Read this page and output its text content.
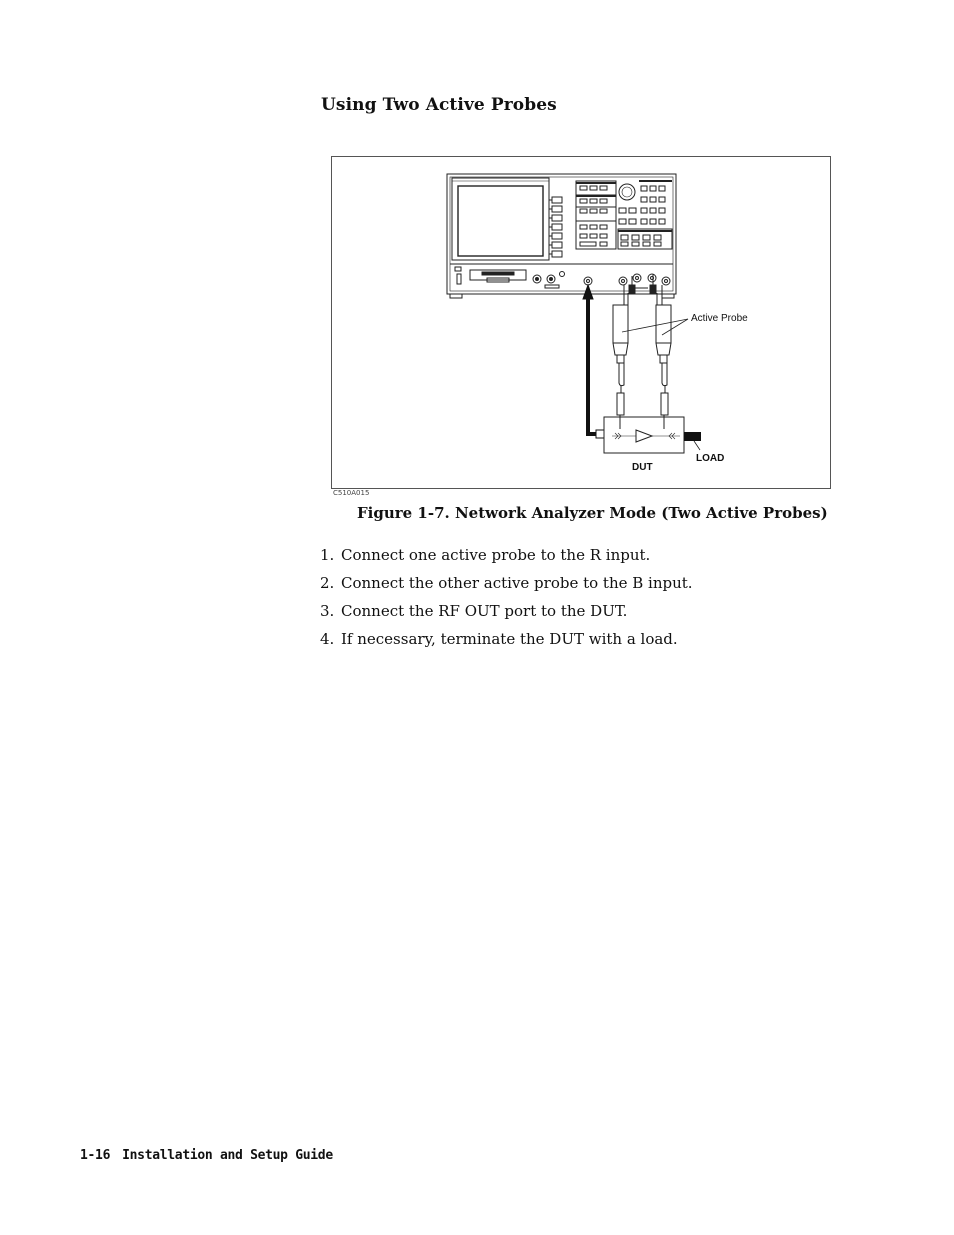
Using Two Active Probes
Active Probe
LOAD
DUT
C510A015
Figure 1-7. Network Analyzer Mode (Two Active Probes)
1. Connect one active probe to the R input.
2. Connect the other active probe to the B input.
3. Connect the RF OUT port to the DUT.
4. If necessary, terminate the DUT with a load.
1-16 Installation and Setup Guide
